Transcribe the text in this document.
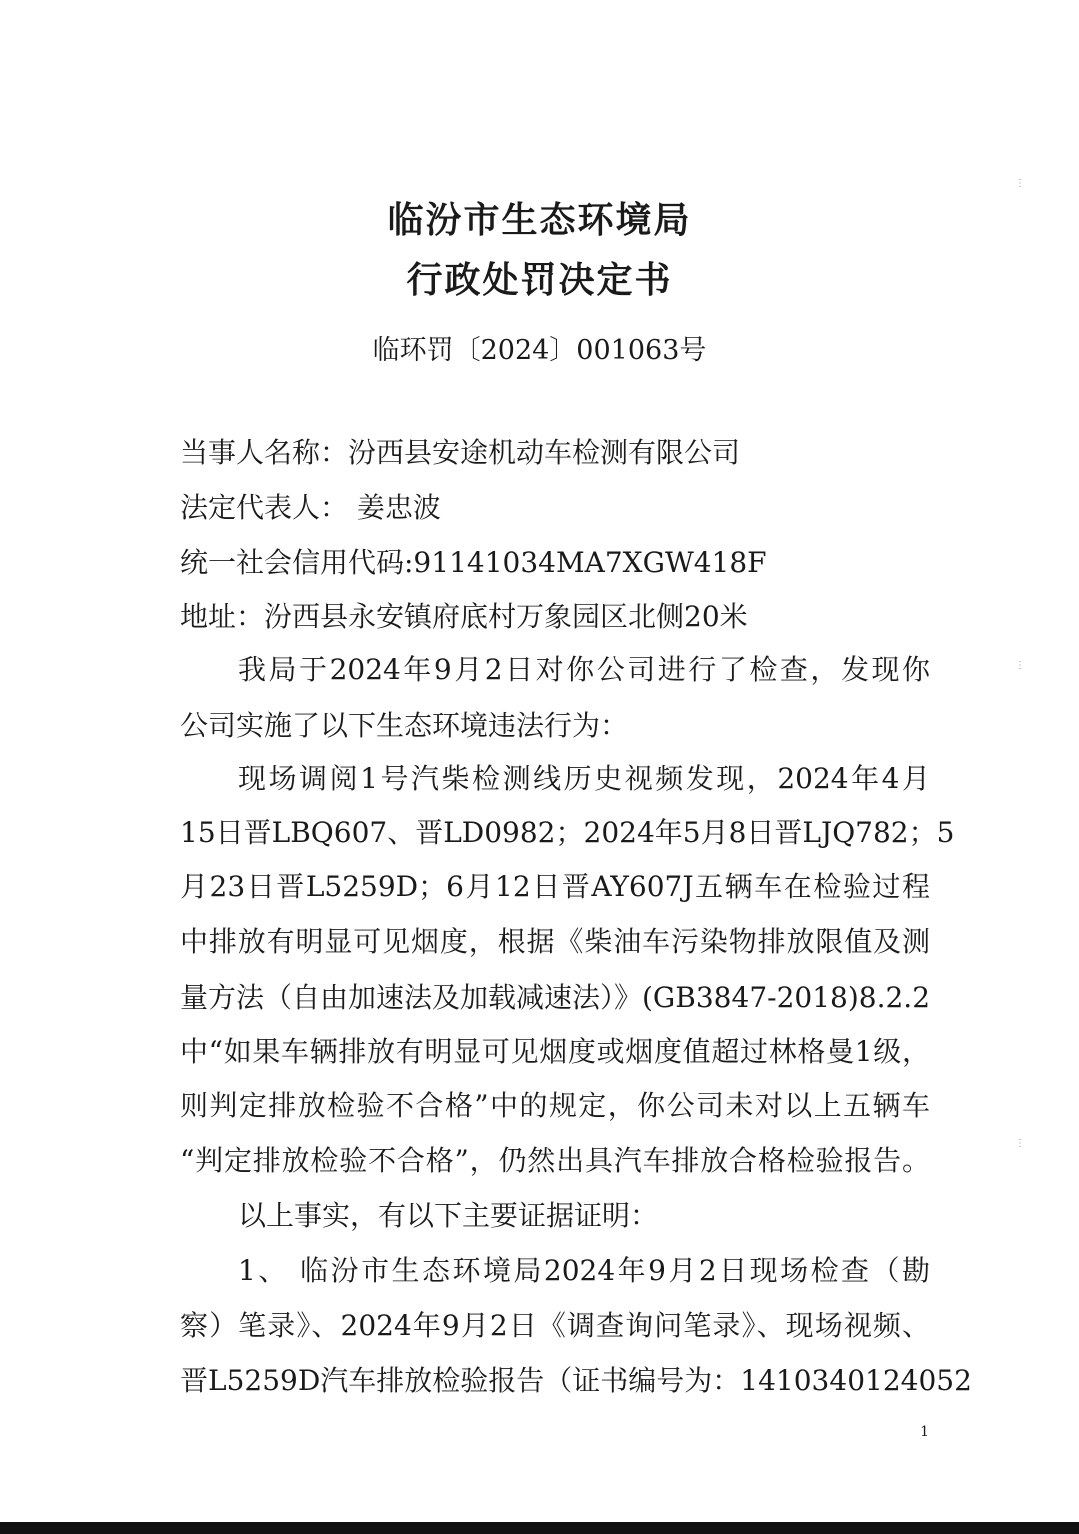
临汾市生态环境局
行政处罚决定书
临环罚〔2024〕001063号
当事人名称：汾西县安途机动车检测有限公司
法定代表人： 姜忠波
统一社会信用代码:91141034MA7XGW418F
地址：汾西县永安镇府底村万象园区北侧20米
我局于2024年9月2日对你公司进行了检查，发现你
公司实施了以下生态环境违法行为：
现场调阅1号汽柴检测线历史视频发现，2024年4月
15日晋LBQ607、晋LD0982；2024年5月8日晋LJQ782；5
月23日晋L5259D；6月12日晋AY607J五辆车在检验过程
中排放有明显可见烟度，根据《柴油车污染物排放限值及测
量方法（自由加速法及加载减速法）》(GB3847-2018)8.2.2
中“如果车辆排放有明显可见烟度或烟度值超过林格曼1级，
则判定排放检验不合格”中的规定，你公司未对以上五辆车
“判定排放检验不合格”，仍然出具汽车排放合格检验报告。
以上事实，有以下主要证据证明：
1、 临汾市生态环境局2024年9月2日现场检查（勘
察）笔录》、2024年9月2日《调查询问笔录》、现场视频、
晋L5259D汽车排放检验报告（证书编号为：1410340124052
1
⋮
⋮
⋮
